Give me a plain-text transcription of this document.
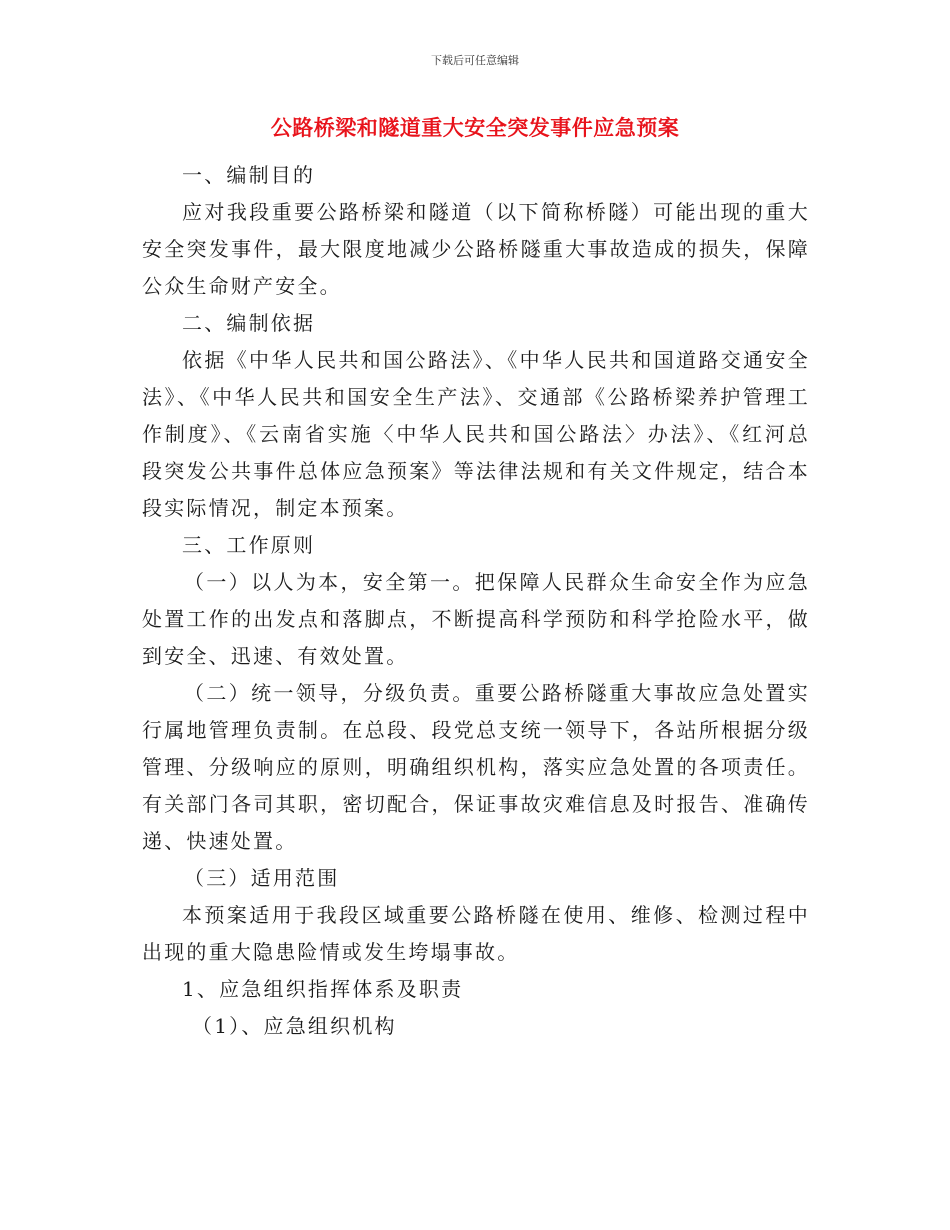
下载后可任意编辑
公路桥梁和隧道重大安全突发事件应急预案

一、编制目的

应对我段重要公路桥梁和隧道（以下简称桥隧）可能出现的重大安全突发事件，最大限度地减少公路桥隧重大事故造成的损失，保障公众生命财产安全。

二、编制依据

依据《中华人民共和国公路法》、《中华人民共和国道路交通安全法》、《中华人民共和国安全生产法》、交通部《公路桥梁养护管理工作制度》、《云南省实施〈中华人民共和国公路法〉办法》、《红河总段突发公共事件总体应急预案》等法律法规和有关文件规定，结合本段实际情况，制定本预案。

三、工作原则

（一）以人为本，安全第一。把保障人民群众生命安全作为应急处置工作的出发点和落脚点，不断提高科学预防和科学抢险水平，做到安全、迅速、有效处置。

（二）统一领导，分级负责。重要公路桥隧重大事故应急处置实行属地管理负责制。在总段、段党总支统一领导下，各站所根据分级管理、分级响应的原则，明确组织机构，落实应急处置的各项责任。有关部门各司其职，密切配合，保证事故灾难信息及时报告、准确传递、快速处置。

（三）适用范围

本预案适用于我段区域重要公路桥隧在使用、维修、检测过程中出现的重大隐患险情或发生垮塌事故。

1、应急组织指挥体系及职责

（1）、应急组织机构
